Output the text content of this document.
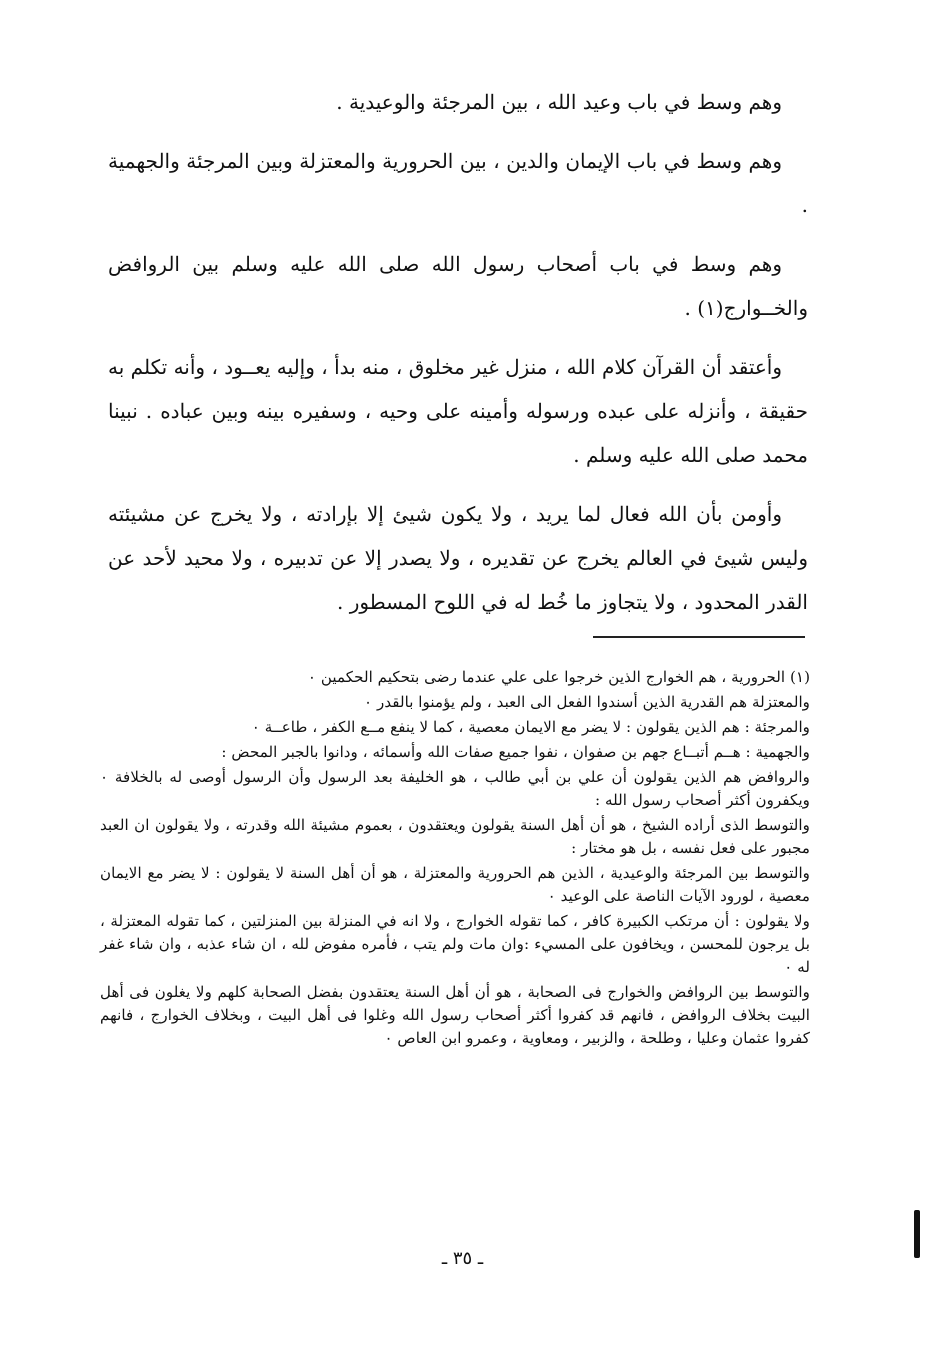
وهم وسط في باب وعيد الله ، بين المرجئة والوعيدية .

وهم وسط في باب الإيمان والدين ، بين الحرورية والمعتزلة وبين المرجئة والجهمية .

وهم وسط في باب أصحاب رسول الله صلى الله عليه وسلم بين الروافض والخــوارج(١) .

وأعتقد أن القرآن كلام الله ، منزل غير مخلوق ، منه بدأ ، وإليه يعــود ، وأنه تكلم به حقيقة ، وأنزله على عبده ورسوله وأمينه على وحيه ، وسفيره بينه وبين عباده . نبينا محمد صلى الله عليه وسلم .

وأومن بأن الله فعال لما يريد ، ولا يكون شيئ إلا بإرادته ، ولا يخرج عن مشيئته وليس شيئ في العالم يخرج عن تقديره ، ولا يصدر إلا عن تدبيره ، ولا محيد لأحد عن القدر المحدود ، ولا يتجاوز ما خُط له في اللوح المسطور .

(١) الحرورية ، هم الخوارج الذين خرجوا على علي عندما رضى بتحكيم الحكمين ٠

والمعتزلة هم القدرية الذين أسندوا الفعل الى العبد ، ولم يؤمنوا بالقدر ٠

والمرجئة : هم الذين يقولون : لا يضر مع الايمان معصية ، كما لا ينفع مــع الكفر ، طاعــة ٠

والجهمية : هــم أتبــاع جهم بن صفوان ، نفوا جميع صفات الله وأسمائه ، ودانوا بالجبر المحض :

والروافض هم الذين يقولون أن علي بن أبي طالب ، هو الخليفة بعد الرسول وأن الرسول أوصى له بالخلافة ٠ ويكفرون أكثر أصحاب رسول الله :

والتوسط الذى أراده الشيخ ، هو أن أهل السنة يقولون ويعتقدون ، بعموم مشيئة الله وقدرته ، ولا يقولون ان العبد مجبور على فعل نفسه ، بل هو مختار :

والتوسط بين المرجئة والوعيدية ، الذين هم الحرورية والمعتزلة ، هو أن أهل السنة لا يقولون : لا يضر مع الايمان معصية ، لورود الآيات الناصة على الوعيد ٠

ولا يقولون : أن مرتكب الكبيرة كافر ، كما تقوله الخوارج ، ولا انه في المنزلة بين المنزلتين ، كما تقوله المعتزلة ، بل يرجون للمحسن ، ويخافون على المسيء :وان مات ولم يتب ، فأمره مفوض لله ، ان شاء عذبه ، وان شاء غفر له ٠

والتوسط بين الروافض والخوارج فى الصحابة ، هو أن أهل السنة يعتقدون بفضل الصحابة كلهم ولا يغلون فى أهل البيت بخلاف الروافض ، فانهم قد كفروا أكثر أصحاب رسول الله وغلوا فى أهل البيت ، وبخلاف الخوارج ، فانهم كفروا عثمان وعليا ، وطلحة ، والزبير ، ومعاوية ، وعمرو ابن العاص ٠

ـ ٣٥ ـ
